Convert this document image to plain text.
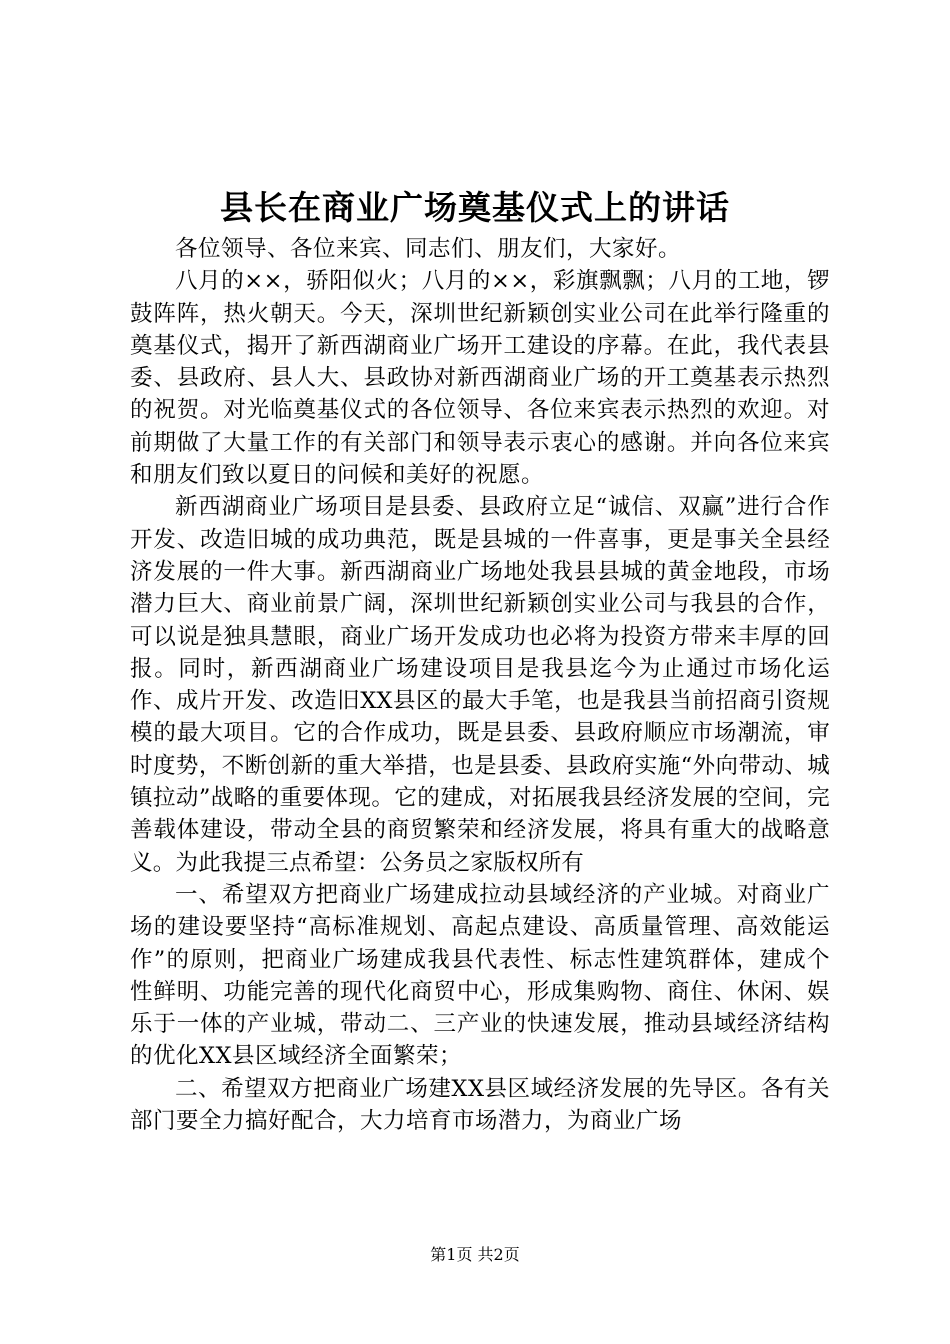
县长在商业广场奠基仪式上的讲话

各位领导、各位来宾、同志们、朋友们，大家好。

八月的××，骄阳似火；八月的××，彩旗飘飘；八月的工地，锣鼓阵阵，热火朝天。今天，深圳世纪新颖创实业公司在此举行隆重的奠基仪式，揭开了新西湖商业广场开工建设的序幕。在此，我代表县委、县政府、县人大、县政协对新西湖商业广场的开工奠基表示热烈的祝贺。对光临奠基仪式的各位领导、各位来宾表示热烈的欢迎。对前期做了大量工作的有关部门和领导表示衷心的感谢。并向各位来宾和朋友们致以夏日的问候和美好的祝愿。

新西湖商业广场项目是县委、县政府立足“诚信、双赢”进行合作开发、改造旧城的成功典范，既是县城的一件喜事，更是事关全县经济发展的一件大事。新西湖商业广场地处我县县城的黄金地段，市场潜力巨大、商业前景广阔，深圳世纪新颖创实业公司与我县的合作，可以说是独具慧眼，商业广场开发成功也必将为投资方带来丰厚的回报。同时，新西湖商业广场建设项目是我县迄今为止通过市场化运作、成片开发、改造旧XX县区的最大手笔，也是我县当前招商引资规模的最大项目。它的合作成功，既是县委、县政府顺应市场潮流，审时度势，不断创新的重大举措，也是县委、县政府实施“外向带动、城镇拉动”战略的重要体现。它的建成，对拓展我县经济发展的空间，完善载体建设，带动全县的商贸繁荣和经济发展，将具有重大的战略意义。为此我提三点希望：公务员之家版权所有

一、希望双方把商业广场建成拉动县域经济的产业城。对商业广场的建设要坚持“高标准规划、高起点建设、高质量管理、高效能运作”的原则，把商业广场建成我县代表性、标志性建筑群体，建成个性鲜明、功能完善的现代化商贸中心，形成集购物、商住、休闲、娱乐于一体的产业城，带动二、三产业的快速发展，推动县域经济结构的优化XX县区域经济全面繁荣；

二、希望双方把商业广场建XX县区域经济发展的先导区。各有关部门要全力搞好配合，大力培育市场潜力，为商业广场

第1页 共2页
